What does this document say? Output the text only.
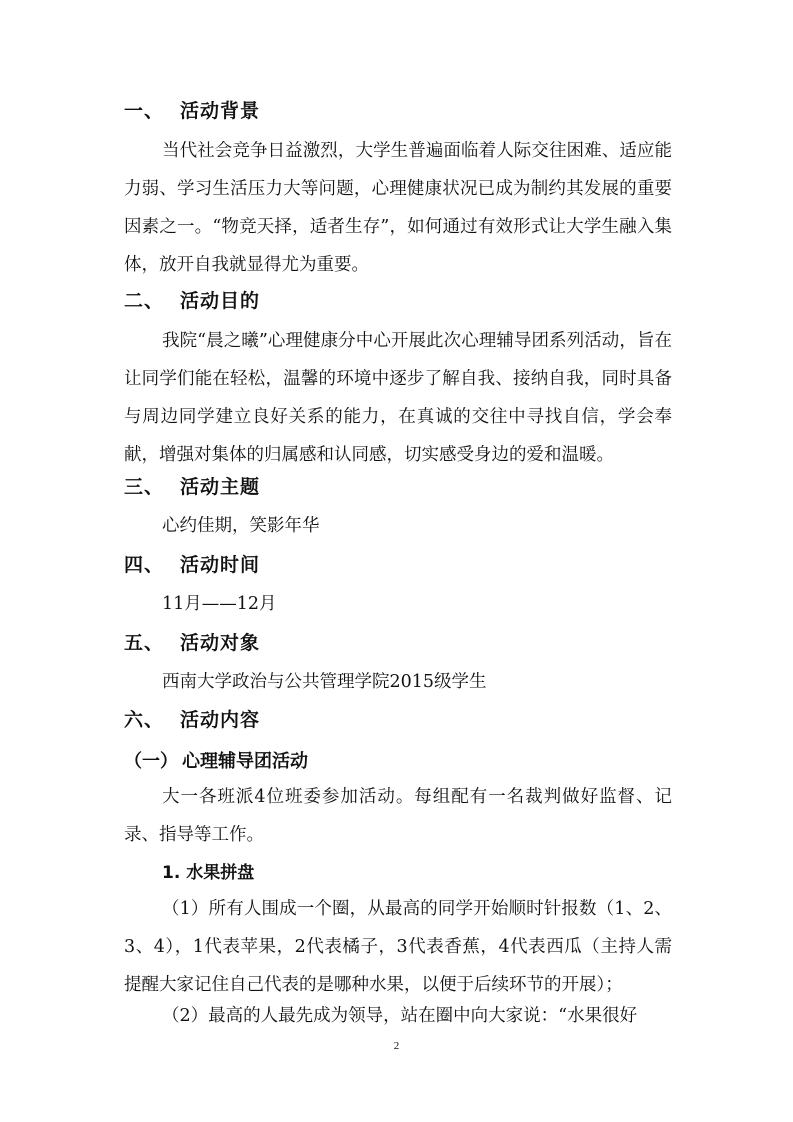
一、 活动背景
当代社会竞争日益激烈，大学生普遍面临着人际交往困难、适应能力弱、学习生活压力大等问题，心理健康状况已成为制约其发展的重要因素之一。“物竞天择，适者生存”，如何通过有效形式让大学生融入集体，放开自我就显得尤为重要。
二、 活动目的
我院“晨之曦”心理健康分中心开展此次心理辅导团系列活动，旨在让同学们能在轻松，温馨的环境中逐步了解自我、接纳自我，同时具备与周边同学建立良好关系的能力，在真诚的交往中寻找自信，学会奉献，增强对集体的归属感和认同感，切实感受身边的爱和温暖。
三、 活动主题
心约佳期，笑影年华
四、 活动时间
11月——12月
五、 活动对象
西南大学政治与公共管理学院2015级学生
六、 活动内容
（一） 心理辅导团活动
大一各班派4位班委参加活动。每组配有一名裁判做好监督、记录、指导等工作。
1. 水果拼盘
（1）所有人围成一个圈，从最高的同学开始顺时针报数（1、2、3、4），1代表苹果，2代表橘子，3代表香蕉，4代表西瓜（主持人需提醒大家记住自己代表的是哪种水果，以便于后续环节的开展）；
（2）最高的人最先成为领导，站在圈中向大家说：“水果很好
2
